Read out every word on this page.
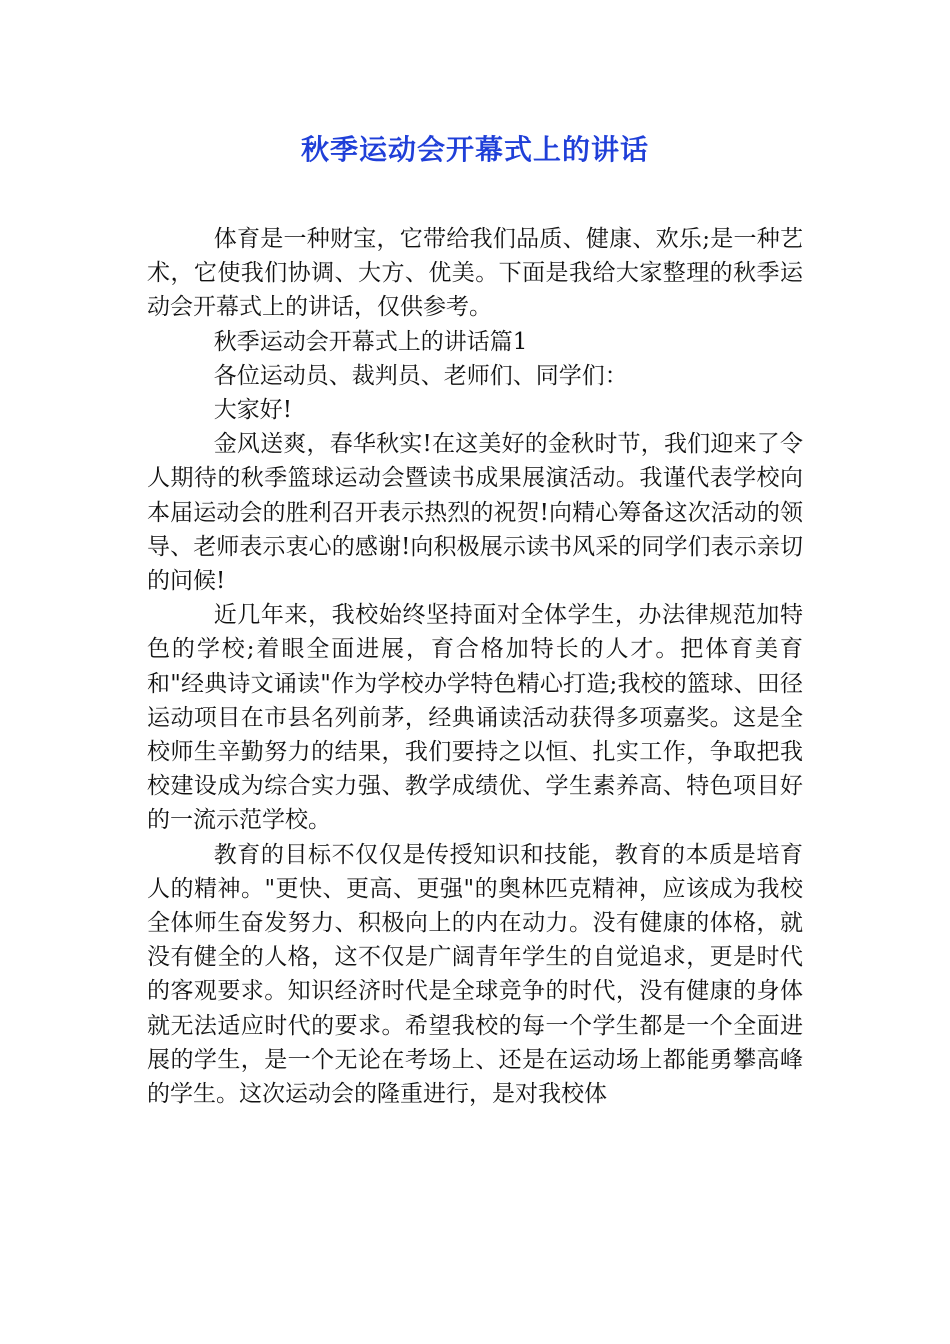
秋季运动会开幕式上的讲话

体育是一种财宝，它带给我们品质、健康、欢乐;是一种艺术，它使我们协调、大方、优美。下面是我给大家整理的秋季运动会开幕式上的讲话，仅供参考。

秋季运动会开幕式上的讲话篇1

各位运动员、裁判员、老师们、同学们：

大家好!

金风送爽，春华秋实!在这美好的金秋时节，我们迎来了令人期待的秋季篮球运动会暨读书成果展演活动。我谨代表学校向本届运动会的胜利召开表示热烈的祝贺!向精心筹备这次活动的领导、老师表示衷心的感谢!向积极展示读书风采的同学们表示亲切的问候!

近几年来，我校始终坚持面对全体学生，办法律规范加特色的学校;着眼全面进展，育合格加特长的人才。把体育美育和"经典诗文诵读"作为学校办学特色精心打造;我校的篮球、田径运动项目在市县名列前茅，经典诵读活动获得多项嘉奖。这是全校师生辛勤努力的结果，我们要持之以恒、扎实工作，争取把我校建设成为综合实力强、教学成绩优、学生素养高、特色项目好的一流示范学校。

教育的目标不仅仅是传授知识和技能，教育的本质是培育人的精神。"更快、更高、更强"的奥林匹克精神，应该成为我校全体师生奋发努力、积极向上的内在动力。没有健康的体格，就没有健全的人格，这不仅是广阔青年学生的自觉追求，更是时代的客观要求。知识经济时代是全球竞争的时代，没有健康的身体就无法适应时代的要求。希望我校的每一个学生都是一个全面进展的学生，是一个无论在考场上、还是在运动场上都能勇攀高峰的学生。这次运动会的隆重进行，是对我校体
